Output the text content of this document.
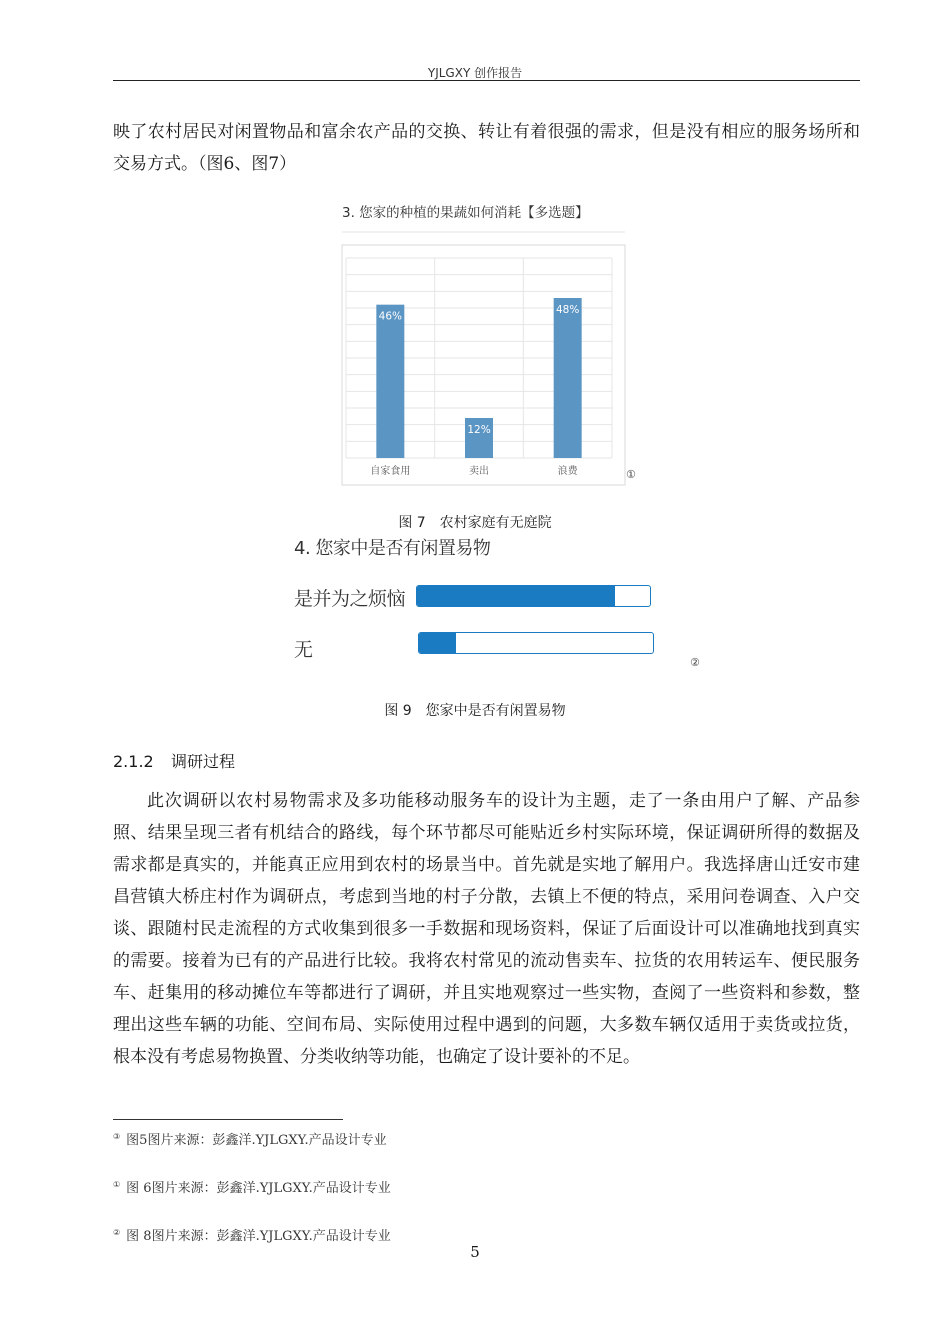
YJLGXY 创作报告
映了农村居民对闲置物品和富余农产品的交换、转让有着很强的需求，但是没有相应的服务场所和交易方式。（图6、图7）
3. 您家的种植的果蔬如何消耗【多选题】
46%
自家食用
12%
卖出
48%
浪费	①
图 7　农村家庭有无庭院
4. 您家中是否有闲置易物
是并为之烦恼
无
②
图 9　您家中是否有闲置易物
2.1.2 调研过程
此次调研以农村易物需求及多功能移动服务车的设计为主题，走了一条由用户了解、产品参照、结果呈现三者有机结合的路线，每个环节都尽可能贴近乡村实际环境，保证调研所得的数据及需求都是真实的，并能真正应用到农村的场景当中。首先就是实地了解用户。我选择唐山迁安市建昌营镇大桥庄村作为调研点，考虑到当地的村子分散，去镇上不便的特点，采用问卷调查、入户交谈、跟随村民走流程的方式收集到很多一手数据和现场资料，保证了后面设计可以准确地找到真实的需要。接着为已有的产品进行比较。我将农村常见的流动售卖车、拉货的农用转运车、便民服务车、赶集用的移动摊位车等都进行了调研，并且实地观察过一些实物，查阅了一些资料和参数，整理出这些车辆的功能、空间布局、实际使用过程中遇到的问题，大多数车辆仅适用于卖货或拉货，根本没有考虑易物换置、分类收纳等功能，也确定了设计要补的不足。
③ 图5图片来源：彭鑫洋.YJLGXY.产品设计专业
① 图 6图片来源：彭鑫洋.YJLGXY.产品设计专业
② 图 8图片来源：彭鑫洋.YJLGXY.产品设计专业
5
